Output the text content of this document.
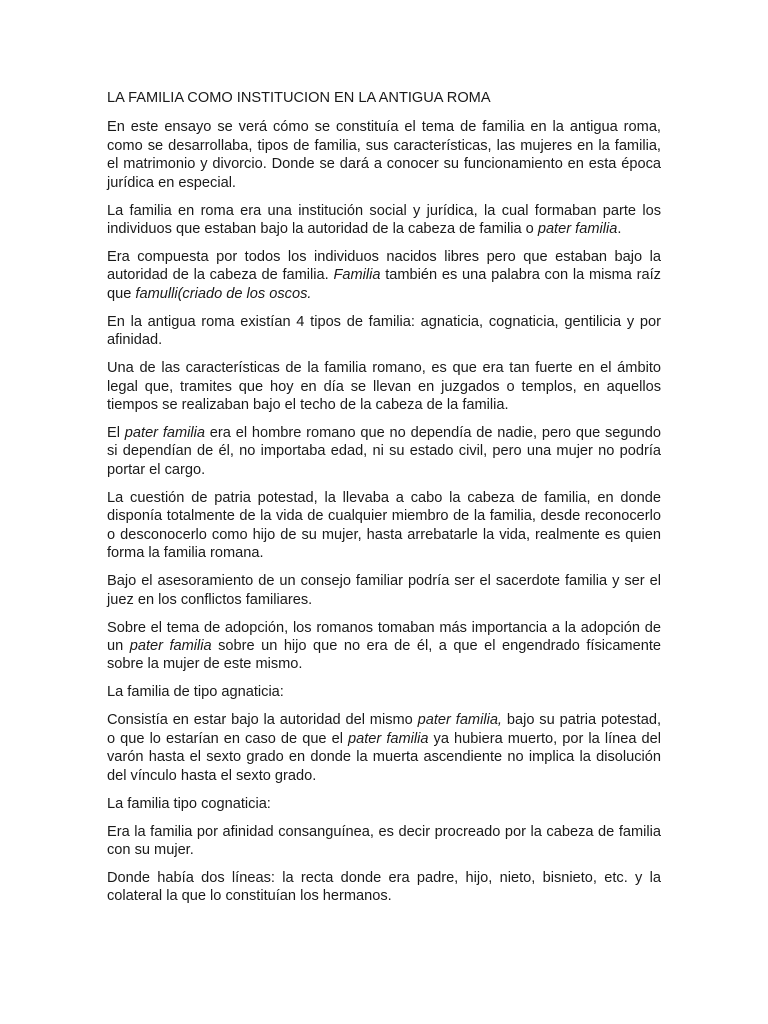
LA FAMILIA COMO INSTITUCION EN LA ANTIGUA ROMA

En este ensayo se verá cómo se constituía el tema de familia en la antigua roma, como se desarrollaba, tipos de familia, sus características, las mujeres en la familia, el matrimonio y divorcio. Donde se dará a conocer su funcionamiento en esta época jurídica en especial.

La familia en roma era una institución social y jurídica, la cual formaban parte los individuos que estaban bajo la autoridad de la cabeza de familia o pater familia.

Era compuesta por todos los individuos nacidos libres pero que estaban bajo la autoridad de la cabeza de familia. Familia también es una palabra con la misma raíz que famulli(criado de los oscos.

En la antigua roma existían 4 tipos de familia: agnaticia, cognaticia, gentilicia y por afinidad.

Una de las características de la familia romano, es que era tan fuerte en el ámbito legal que, tramites que hoy en día se llevan en juzgados o templos, en aquellos tiempos se realizaban bajo el techo de la cabeza de la familia.

El pater familia era el hombre romano que no dependía de nadie, pero que segundo si dependían de él, no importaba edad, ni su estado civil, pero una mujer no podría portar el cargo.

La cuestión de patria potestad, la llevaba a cabo la cabeza de familia, en donde disponía totalmente de la vida de cualquier miembro de la familia, desde reconocerlo o desconocerlo como hijo de su mujer, hasta arrebatarle la vida, realmente es quien forma la familia romana.

Bajo el asesoramiento de un consejo familiar podría ser el sacerdote familia y ser el juez en los conflictos familiares.

Sobre el tema de adopción, los romanos tomaban más importancia a la adopción de un pater familia sobre un hijo que no era de él, a que el engendrado físicamente sobre la mujer de este mismo.

La familia de tipo agnaticia:

Consistía en estar bajo la autoridad del mismo pater familia, bajo su patria potestad, o que lo estarían en caso de que el pater familia ya hubiera muerto, por la línea del varón hasta el sexto grado en donde la muerta ascendiente no implica la disolución del vínculo hasta el sexto grado.

La familia tipo cognaticia:

Era la familia por afinidad consanguínea, es decir procreado por la cabeza de familia con su mujer.

Donde había dos líneas: la recta donde era padre, hijo, nieto, bisnieto, etc. y la colateral la que lo constituían los hermanos.
